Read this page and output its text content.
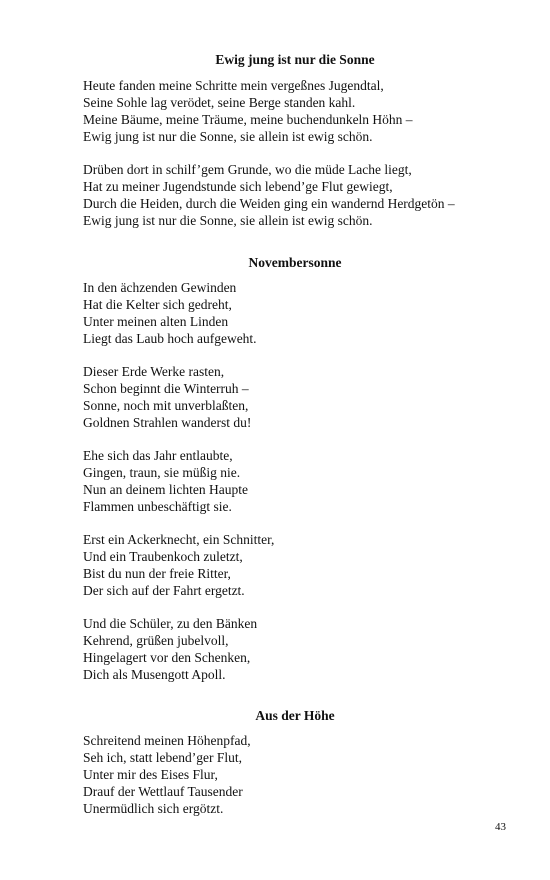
Ewig jung ist nur die Sonne
Heute fanden meine Schritte mein vergeßnes Jugendtal,
Seine Sohle lag verödet, seine Berge standen kahl.
Meine Bäume, meine Träume, meine buchendunkeln Höhn –
Ewig jung ist nur die Sonne, sie allein ist ewig schön.
Drüben dort in schilf’gem Grunde, wo die müde Lache liegt,
Hat zu meiner Jugendstunde sich lebend’ge Flut gewiegt,
Durch die Heiden, durch die Weiden ging ein wandernd Herdgetön –
Ewig jung ist nur die Sonne, sie allein ist ewig schön.
Novembersonne
In den ächzenden Gewinden
Hat die Kelter sich gedreht,
Unter meinen alten Linden
Liegt das Laub hoch aufgeweht.
Dieser Erde Werke rasten,
Schon beginnt die Winterruh –
Sonne, noch mit unverblaßten,
Goldnen Strahlen wanderst du!
Ehe sich das Jahr entlaubte,
Gingen, traun, sie müßig nie.
Nun an deinem lichten Haupte
Flammen unbeschäftigt sie.
Erst ein Ackerknecht, ein Schnitter,
Und ein Traubenkoch zuletzt,
Bist du nun der freie Ritter,
Der sich auf der Fahrt ergetzt.
Und die Schüler, zu den Bänken
Kehrend, grüßen jubelvoll,
Hingelagert vor den Schenken,
Dich als Musengott Apoll.
Aus der Höhe
Schreitend meinen Höhenpfad,
Seh ich, statt lebend’ger Flut,
Unter mir des Eises Flur,
Drauf der Wettlauf Tausender
Unermüdlich sich ergötzt.
43
